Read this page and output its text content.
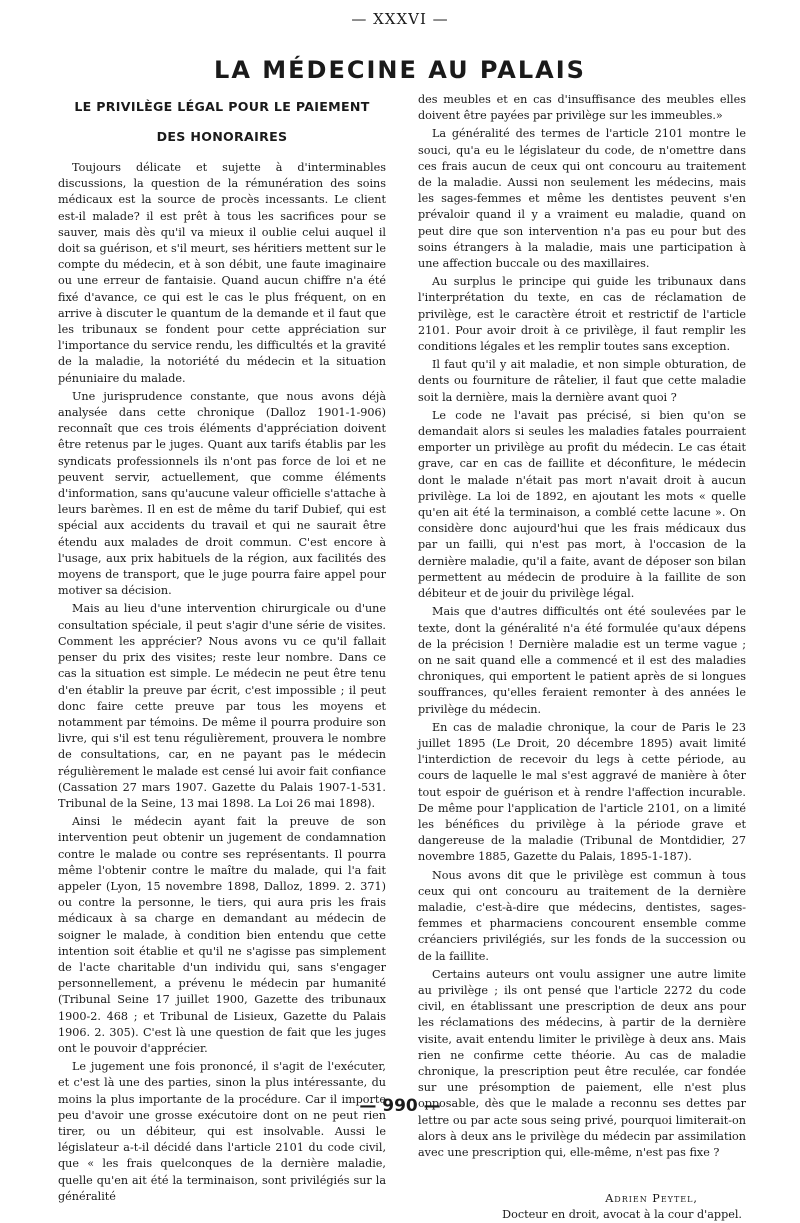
— XXXVI —
LA MÉDECINE AU PALAIS
LE PRIVILÈGE LÉGAL POUR LE PAIEMENT
DES HONORAIRES

Toujours délicate et sujette à d'interminables discussions, la question de la rémunération des soins médicaux est la source de procès incessants. Le client est-il malade? il est prêt à tous les sacrifices pour se sauver, mais dès qu'il va mieux il oublie celui auquel il doit sa guérison, et s'il meurt, ses héritiers mettent sur le compte du médecin, et à son débit, une faute imaginaire ou une erreur de fantaisie. Quand aucun chiffre n'a été fixé d'avance, ce qui est le cas le plus fréquent, on en arrive à discuter le quantum de la demande et il faut que les tribunaux se fondent pour cette appréciation sur l'importance du service rendu, les difficultés et la gravité de la maladie, la notoriété du médecin et la situation pénuniaire du malade.

Une jurisprudence constante, que nous avons déjà analysée dans cette chronique (Dalloz 1901-1-906) reconnaît que ces trois éléments d'appréciation doivent être retenus par le juges. Quant aux tarifs établis par les syndicats professionnels ils n'ont pas force de loi et ne peuvent servir, actuellement, que comme éléments d'information, sans qu'aucune valeur officielle s'attache à leurs barèmes. Il en est de même du tarif Dubief, qui est spécial aux accidents du travail et qui ne saurait être étendu aux malades de droit commun. C'est encore à l'usage, aux prix habituels de la région, aux facilités des moyens de transport, que le juge pourra faire appel pour motiver sa décision.

Mais au lieu d'une intervention chirurgicale ou d'une consultation spéciale, il peut s'agir d'une série de visites. Comment les apprécier? Nous avons vu ce qu'il fallait penser du prix des visites; reste leur nombre. Dans ce cas la situation est simple. Le médecin ne peut être tenu d'en établir la preuve par écrit, c'est impossible ; il peut donc faire cette preuve par tous les moyens et notamment par témoins. De même il pourra produire son livre, qui s'il est tenu régulièrement, prouvera le nombre de consultations, car, en ne payant pas le médecin régulièrement le malade est censé lui avoir fait confiance (Cassation 27 mars 1907. Gazette du Palais 1907-1-531. Tribunal de la Seine, 13 mai 1898. La Loi 26 mai 1898).

Ainsi le médecin ayant fait la preuve de son intervention peut obtenir un jugement de condamnation contre le malade ou contre ses représentants. Il pourra même l'obtenir contre le maître du malade, qui l'a fait appeler (Lyon, 15 novembre 1898, Dalloz, 1899. 2. 371) ou contre la personne, le tiers, qui aura pris les frais médicaux à sa charge en demandant au médecin de soigner le malade, à condition bien entendu que cette intention soit établie et qu'il ne s'agisse pas simplement de l'acte charitable d'un individu qui, sans s'engager personnellement, a prévenu le médecin par humanité (Tribunal Seine 17 juillet 1900, Gazette des tribunaux 1900-2. 468 ; et Tribunal de Lisieux, Gazette du Palais 1906. 2. 305). C'est là une question de fait que les juges ont le pouvoir d'apprécier.

Le jugement une fois prononcé, il s'agit de l'exécuter, et c'est là une des parties, sinon la plus intéressante, du moins la plus importante de la procédure. Car il importe peu d'avoir une grosse exécutoire dont on ne peut rien tirer, ou un débiteur, qui est insolvable. Aussi le législateur a-t-il décidé dans l'article 2101 du code civil, que « les frais quelconques de la dernière maladie, quelle qu'en ait été la terminaison, sont privilégiés sur la généralité

des meubles et en cas d'insuffisance des meubles elles doivent être payées par privilège sur les immeubles.»

La généralité des termes de l'article 2101 montre le souci, qu'a eu le législateur du code, de n'omettre dans ces frais aucun de ceux qui ont concouru au traitement de la maladie. Aussi non seulement les médecins, mais les sages-femmes et même les dentistes peuvent s'en prévaloir quand il y a vraiment eu maladie, quand on peut dire que son intervention n'a pas eu pour but des soins étrangers à la maladie, mais une participation à une affection buccale ou des maxillaires.

Au surplus le principe qui guide les tribunaux dans l'interprétation du texte, en cas de réclamation de privilège, est le caractère étroit et restrictif de l'article 2101. Pour avoir droit à ce privilège, il faut remplir les conditions légales et les remplir toutes sans exception.

Il faut qu'il y ait maladie, et non simple obturation, de dents ou fourniture de râtelier, il faut que cette maladie soit la dernière, mais la dernière avant quoi ?

Le code ne l'avait pas précisé, si bien qu'on se demandait alors si seules les maladies fatales pourraient emporter un privilège au profit du médecin. Le cas était grave, car en cas de faillite et déconfiture, le médecin dont le malade n'était pas mort n'avait droit à aucun privilège. La loi de 1892, en ajoutant les mots « quelle qu'en ait été la terminaison, a comblé cette lacune ». On considère donc aujourd'hui que les frais médicaux dus par un failli, qui n'est pas mort, à l'occasion de la dernière maladie, qu'il a faite, avant de déposer son bilan permettent au médecin de produire à la faillite de son débiteur et de jouir du privilège légal.

Mais que d'autres difficultés ont été soulevées par le texte, dont la généralité n'a été formulée qu'aux dépens de la précision ! Dernière maladie est un terme vague ; on ne sait quand elle a commencé et il est des maladies chroniques, qui emportent le patient après de si longues souffrances, qu'elles feraient remonter à des années le privilège du médecin.

En cas de maladie chronique, la cour de Paris le 23 juillet 1895 (Le Droit, 20 décembre 1895) avait limité l'interdiction de recevoir du legs à cette période, au cours de laquelle le mal s'est aggravé de manière à ôter tout espoir de guérison et à rendre l'affection incurable. De même pour l'application de l'article 2101, on a limité les bénéfices du privilège à la période grave et dangereuse de la maladie (Tribunal de Montdidier, 27 novembre 1885, Gazette du Palais, 1895-1-187).

Nous avons dit que le privilège est commun à tous ceux qui ont concouru au traitement de la dernière maladie, c'est-à-dire que médecins, dentistes, sages-femmes et pharmaciens concourent ensemble comme créanciers privilégiés, sur les fonds de la succession ou de la faillite.

Certains auteurs ont voulu assigner une autre limite au privilège ; ils ont pensé que l'article 2272 du code civil, en établissant une prescription de deux ans pour les réclamations des médecins, à partir de la dernière visite, avait entendu limiter le privilège à deux ans. Mais rien ne confirme cette théorie. Au cas de maladie chronique, la prescription peut être reculée, car fondée sur une présomption de paiement, elle n'est plus opposable, dès que le malade a reconnu ses dettes par lettre ou par acte sous seing privé, pourquoi limiterait-on alors à deux ans le privilège du médecin par assimilation avec une prescription qui, elle-même, n'est pas fixe ?

Adrien Peytel,
Docteur en droit, avocat à la cour d'appel.
— 990 —
